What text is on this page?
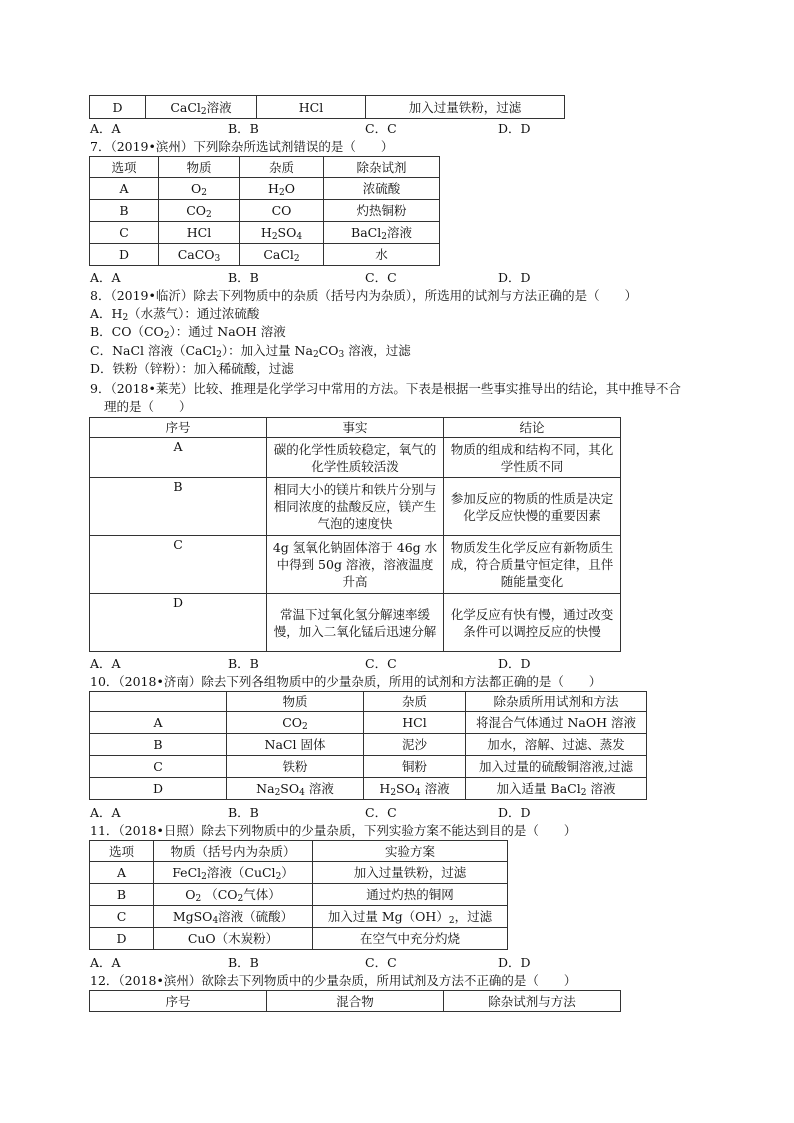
D	CaCl$_2$溶液	HCl	加入过量铁粉，过滤
A．A	B．B	C．C	D．D
7．（2019•滨州）下列除杂所选试剂错误的是（　　）
选项	物质	杂质	除杂试剂
A	$O_2$	$H_2O$	浓硫酸
B	$CO_2$	CO	灼热铜粉
C	HCl	$H_2SO_4$	BaCl$_2$溶液
D	CaCO$_3$	CaCl$_2$	水
A．A	B．B	C．C	D．D
8．（2019•临沂）除去下列物质中的杂质（括号内为杂质），所选用的试剂与方法正确的是（　　）
A．$H_2$（水蒸气）：通过浓硫酸
B．$CO(CO_2)$：通过 NaOH 溶液
C．NaCl 溶液（CaCl$_2$）：加入过量 $Na_2CO_3$ 溶液，过滤
D．铁粉（锌粉）：加入稀硫酸，过滤
9．（2018•莱芜）比较、推理是化学学习中常用的方法。下表是根据一些事实推导出的结论，其中推导不合
理的是（　　）
序号	事实	结论
A	碳的化学性质较稳定，氧气的化学性质较活泼	物质的组成和结构不同，其化学性质不同
B	相同大小的镁片和铁片分别与相同浓度的盐酸反应，镁产生气泡的速度快	参加反应的物质的性质是决定化学反应快慢的重要因素
C	4g 氢氧化钠固体溶于 46g 水中得到 50g 溶液，溶液温度升高	物质发生化学反应有新物质生成，符合质量守恒定律，且伴随能量变化
D	常温下过氧化氢分解速率缓慢，加入二氧化锰后迅速分解	化学反应有快有慢，通过改变条件可以调控反应的快慢
A．A	B．B	C．C	D．D
10．（2018•济南）除去下列各组物质中的少量杂质，所用的试剂和方法都正确的是（　　）
	物质	杂质	除杂质所用试剂和方法
A	$CO_2$	HCl	将混合气体通过 NaOH 溶液
B	NaCl 固体	泥沙	加水，溶解、过滤、蒸发
C	铁粉	铜粉	加入过量的硫酸铜溶液,过滤
D	$Na_2SO_4$ 溶液	$H_2SO_4$ 溶液	加入适量 BaCl$_2$ 溶液
A．A	B．B	C．C	D．D
11．（2018•日照）除去下列物质中的少量杂质，下列实验方案不能达到目的是（　　）
选项	物质（括号内为杂质）	实验方案
A	FeCl$_2$溶液（CuCl$_2$）	加入过量铁粉，过滤
B	$O_2$ （$CO_2$气体）	通过灼热的铜网
C	MgSO$_4$溶液（硫酸）	加入过量 $Mg(OH)_2$，过滤
D	CuO（木炭粉）	在空气中充分灼烧
A．A	B．B	C．C	D．D
12．（2018•滨州）欲除去下列物质中的少量杂质，所用试剂及方法不正确的是（　　）
序号	混合物	除杂试剂与方法
